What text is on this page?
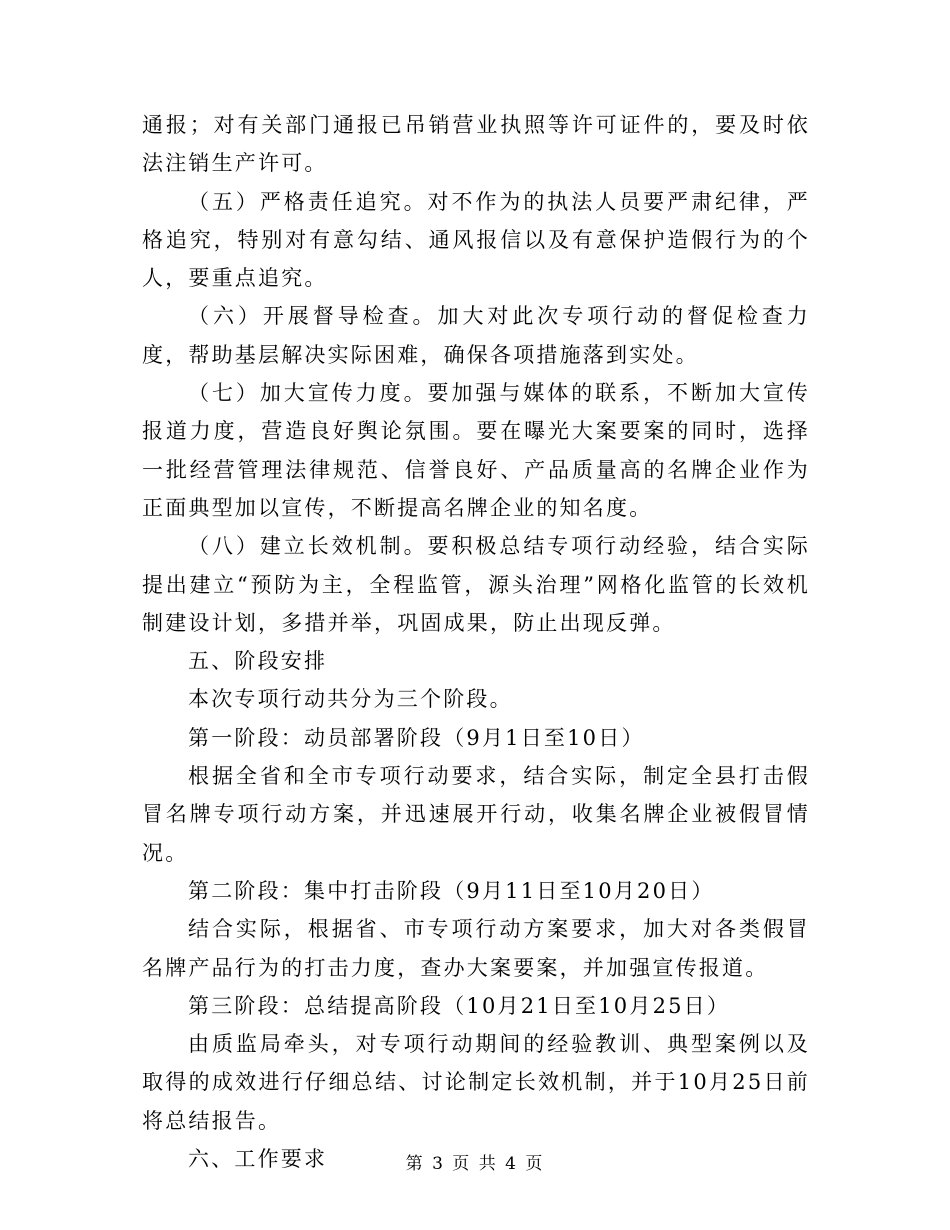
通报；对有关部门通报已吊销营业执照等许可证件的，要及时依法注销生产许可。

（五）严格责任追究。对不作为的执法人员要严肃纪律，严格追究，特别对有意勾结、通风报信以及有意保护造假行为的个人，要重点追究。

（六）开展督导检查。加大对此次专项行动的督促检查力度，帮助基层解决实际困难，确保各项措施落到实处。

（七）加大宣传力度。要加强与媒体的联系，不断加大宣传报道力度，营造良好舆论氛围。要在曝光大案要案的同时，选择一批经营管理法律规范、信誉良好、产品质量高的名牌企业作为正面典型加以宣传，不断提高名牌企业的知名度。

（八）建立长效机制。要积极总结专项行动经验，结合实际提出建立“预防为主，全程监管，源头治理”网格化监管的长效机制建设计划，多措并举，巩固成果，防止出现反弹。

五、阶段安排

本次专项行动共分为三个阶段。

第一阶段：动员部署阶段（9月1日至10日）

根据全省和全市专项行动要求，结合实际，制定全县打击假冒名牌专项行动方案，并迅速展开行动，收集名牌企业被假冒情况。

第二阶段：集中打击阶段（9月11日至10月20日）

结合实际，根据省、市专项行动方案要求，加大对各类假冒名牌产品行为的打击力度，查办大案要案，并加强宣传报道。

第三阶段：总结提高阶段（10月21日至10月25日）

由质监局牵头，对专项行动期间的经验教训、典型案例以及取得的成效进行仔细总结、讨论制定长效机制，并于10月25日前将总结报告。

六、工作要求	第 3 页 共 4 页
